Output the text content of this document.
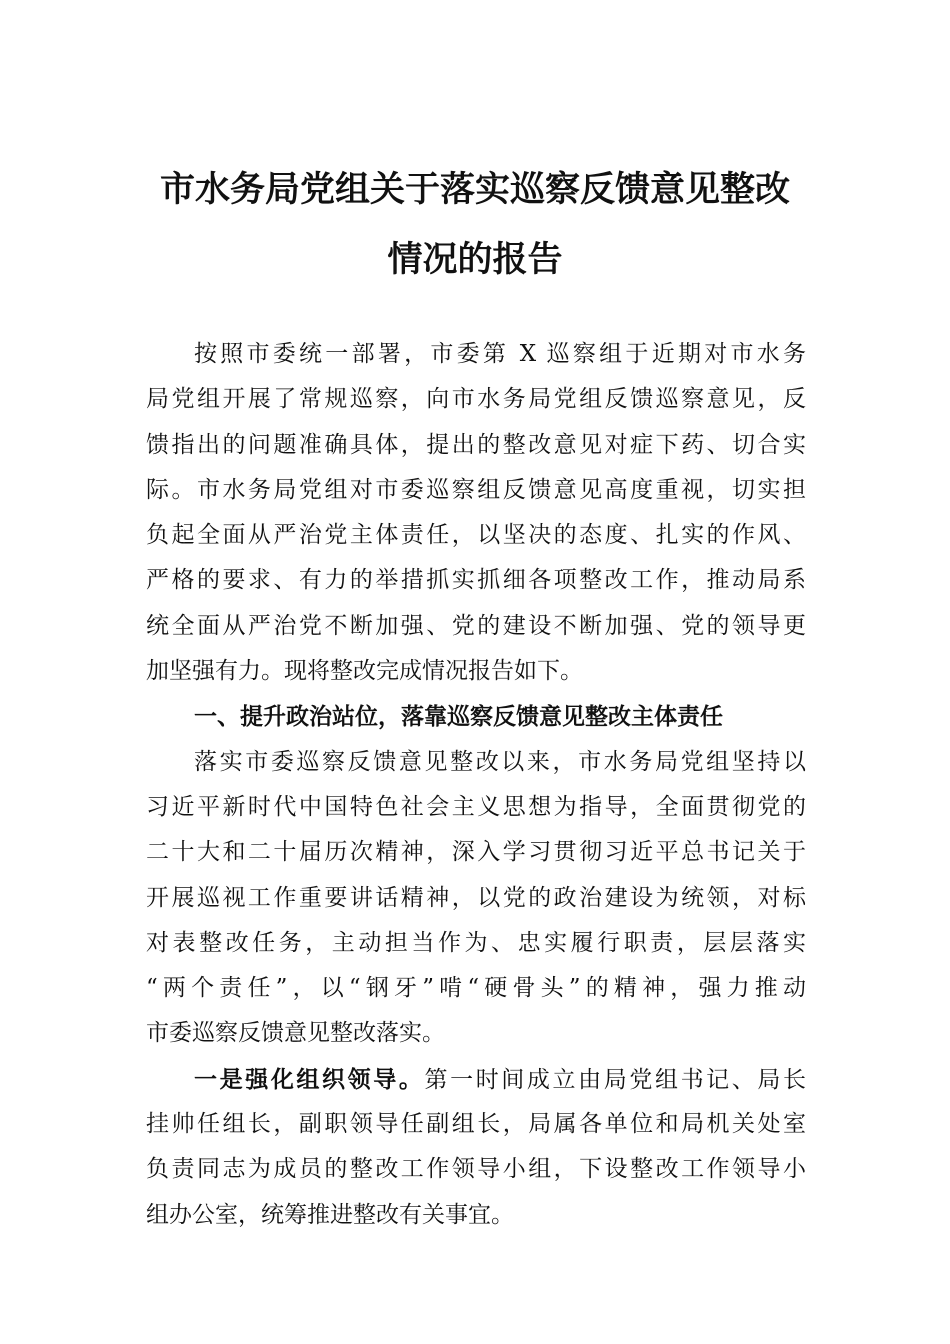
市水务局党组关于落实巡察反馈意见整改
情况的报告
按照市委统一部署，市委第 X 巡察组于近期对市水务
局党组开展了常规巡察，向市水务局党组反馈巡察意见，反
馈指出的问题准确具体，提出的整改意见对症下药、切合实
际。市水务局党组对市委巡察组反馈意见高度重视，切实担
负起全面从严治党主体责任，以坚决的态度、扎实的作风、
严格的要求、有力的举措抓实抓细各项整改工作，推动局系
统全面从严治党不断加强、党的建设不断加强、党的领导更
加坚强有力。现将整改完成情况报告如下。
一、提升政治站位，落靠巡察反馈意见整改主体责任
落实市委巡察反馈意见整改以来，市水务局党组坚持以
习近平新时代中国特色社会主义思想为指导，全面贯彻党的
二十大和二十届历次精神，深入学习贯彻习近平总书记关于
开展巡视工作重要讲话精神，以党的政治建设为统领，对标
对表整改任务，主动担当作为、忠实履行职责，层层落实
“两个责任”，以“钢牙”啃“硬骨头”的精神，强力推动
市委巡察反馈意见整改落实。
一是强化组织领导。第一时间成立由局党组书记、局长
挂帅任组长，副职领导任副组长，局属各单位和局机关处室
负责同志为成员的整改工作领导小组，下设整改工作领导小
组办公室，统筹推进整改有关事宜。
